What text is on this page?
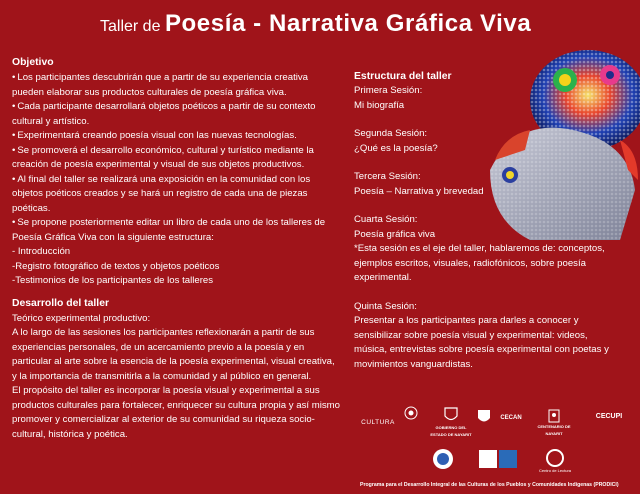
Taller de Poesía - Narrativa Gráfica Viva
Objetivo
• Los participantes descubrirán que a partir de su experiencia creativa pueden elaborar sus productos culturales de poesía gráfica viva.
• Cada participante desarrollará objetos poéticos a partir de su contexto cultural y artístico.
• Experimentará creando poesía visual con las nuevas tecnologías.
• Se promoverá el desarrollo económico, cultural y turístico mediante la creación de poesía experimental y visual de sus objetos productivos.
• Al final del taller se realizará una exposición en la comunidad con los objetos poéticos creados y se hará un registro de cada una de piezas poéticas.
• Se propone posteriormente editar un libro de cada uno de los talleres de Poesía Gráfica Viva con la siguiente estructura:
- Introducción
-Registro fotográfico de textos y objetos poéticos
-Testimonios de los participantes de los talleres
Desarrollo del taller
Teórico experimental productivo:
A lo largo de las sesiones los participantes reflexionarán a partir de sus experiencias personales, de un acercamiento previo a la poesía y en particular al arte sobre la esencia de la poesía experimental, visual creativa, y la importancia de transmitirla a la comunidad y al público en general.
El propósito del taller es incorporar la poesía visual y experimental a sus productos culturales para fortalecer, enriquecer su cultura propia y así mismo promover y comercializar al exterior de su comunidad su riqueza socio-cultural, histórica y poética.
Estructura del taller
Primera Sesión:
Mi biografía
Segunda Sesión:
¿Qué es la poesía?
Tercera Sesión:
Poesía – Narrativa y brevedad
Cuarta Sesión:
Poesía gráfica viva
*Esta sesión es el eje del taller, hablaremos de: conceptos, ejemplos escritos, visuales, radiofónicos, sobre poesía experimental.
Quinta Sesión:
Presentar a los participantes para darles a conocer y sensibilizar sobre poesía visual y experimental: videos, música, entrevistas sobre poesía experimental con poetas y movimientos vanguardistas.
CULTURA
GOBIERNO DEL ESTADO DE NAYARIT
CECAN
CENTENARIO DE NAYARIT
CECUPI
Centro de Lectura
Programa para el Desarrollo Integral de las Culturas de los Pueblos y Comunidades Indígenas (PRODICI)
